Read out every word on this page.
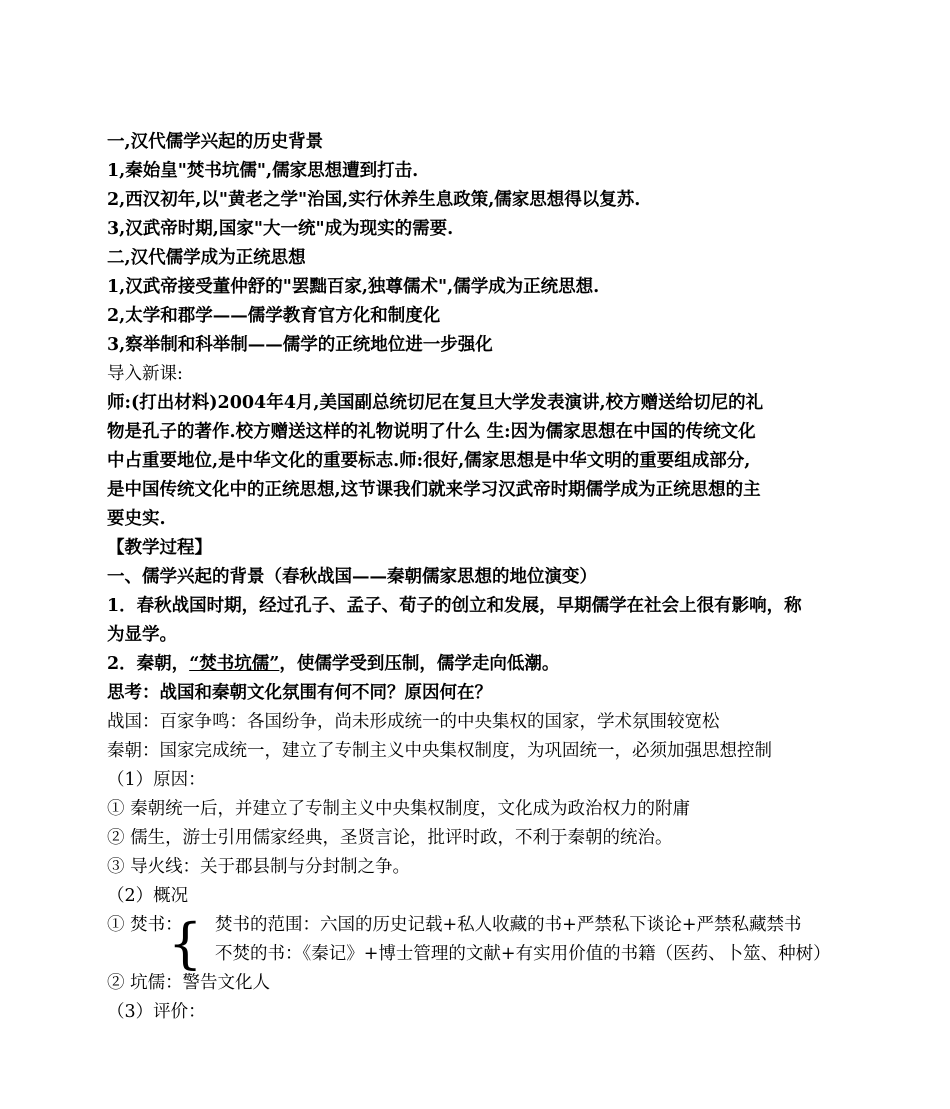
一,汉代儒学兴起的历史背景
1,秦始皇"焚书坑儒",儒家思想遭到打击.
2,西汉初年,以"黄老之学"治国,实行休养生息政策,儒家思想得以复苏.
3,汉武帝时期,国家"大一统"成为现实的需要.
二,汉代儒学成为正统思想
1,汉武帝接受董仲舒的"罢黜百家,独尊儒术",儒学成为正统思想.
2,太学和郡学——儒学教育官方化和制度化
3,察举制和科举制——儒学的正统地位进一步强化
导入新课:
师:(打出材料)2004年4月,美国副总统切尼在复旦大学发表演讲,校方赠送给切尼的礼
物是孔子的著作.校方赠送这样的礼物说明了什么 生:因为儒家思想在中国的传统文化
中占重要地位,是中华文化的重要标志.师:很好,儒家思想是中华文明的重要组成部分,
是中国传统文化中的正统思想,这节课我们就来学习汉武帝时期儒学成为正统思想的主
要史实.
【教学过程】
一、儒学兴起的背景（春秋战国——秦朝儒家思想的地位演变）
1．春秋战国时期，经过孔子、孟子、荀子的创立和发展，早期儒学在社会上很有影响，称
为显学。
2．秦朝，“焚书坑儒”，使儒学受到压制，儒学走向低潮。
思考：战国和秦朝文化氛围有何不同？原因何在？
战国：百家争鸣：各国纷争，尚未形成统一的中央集权的国家，学术氛围较宽松
秦朝：国家完成统一，建立了专制主义中央集权制度，为巩固统一，必须加强思想控制
（1）原因：
① 秦朝统一后，并建立了专制主义中央集权制度，文化成为政治权力的附庸
② 儒生，游士引用儒家经典，圣贤言论，批评时政，不利于秦朝的统治。
③ 导火线：关于郡县制与分封制之争。
（2）概况
① 焚书：
{ 焚书的范围：六国的历史记载+私人收藏的书+严禁私下谈论+严禁私藏禁书
不焚的书：《秦记》+博士管理的文献+有实用价值的书籍（医药、卜筮、种树）
② 坑儒：警告文化人
（3）评价：
